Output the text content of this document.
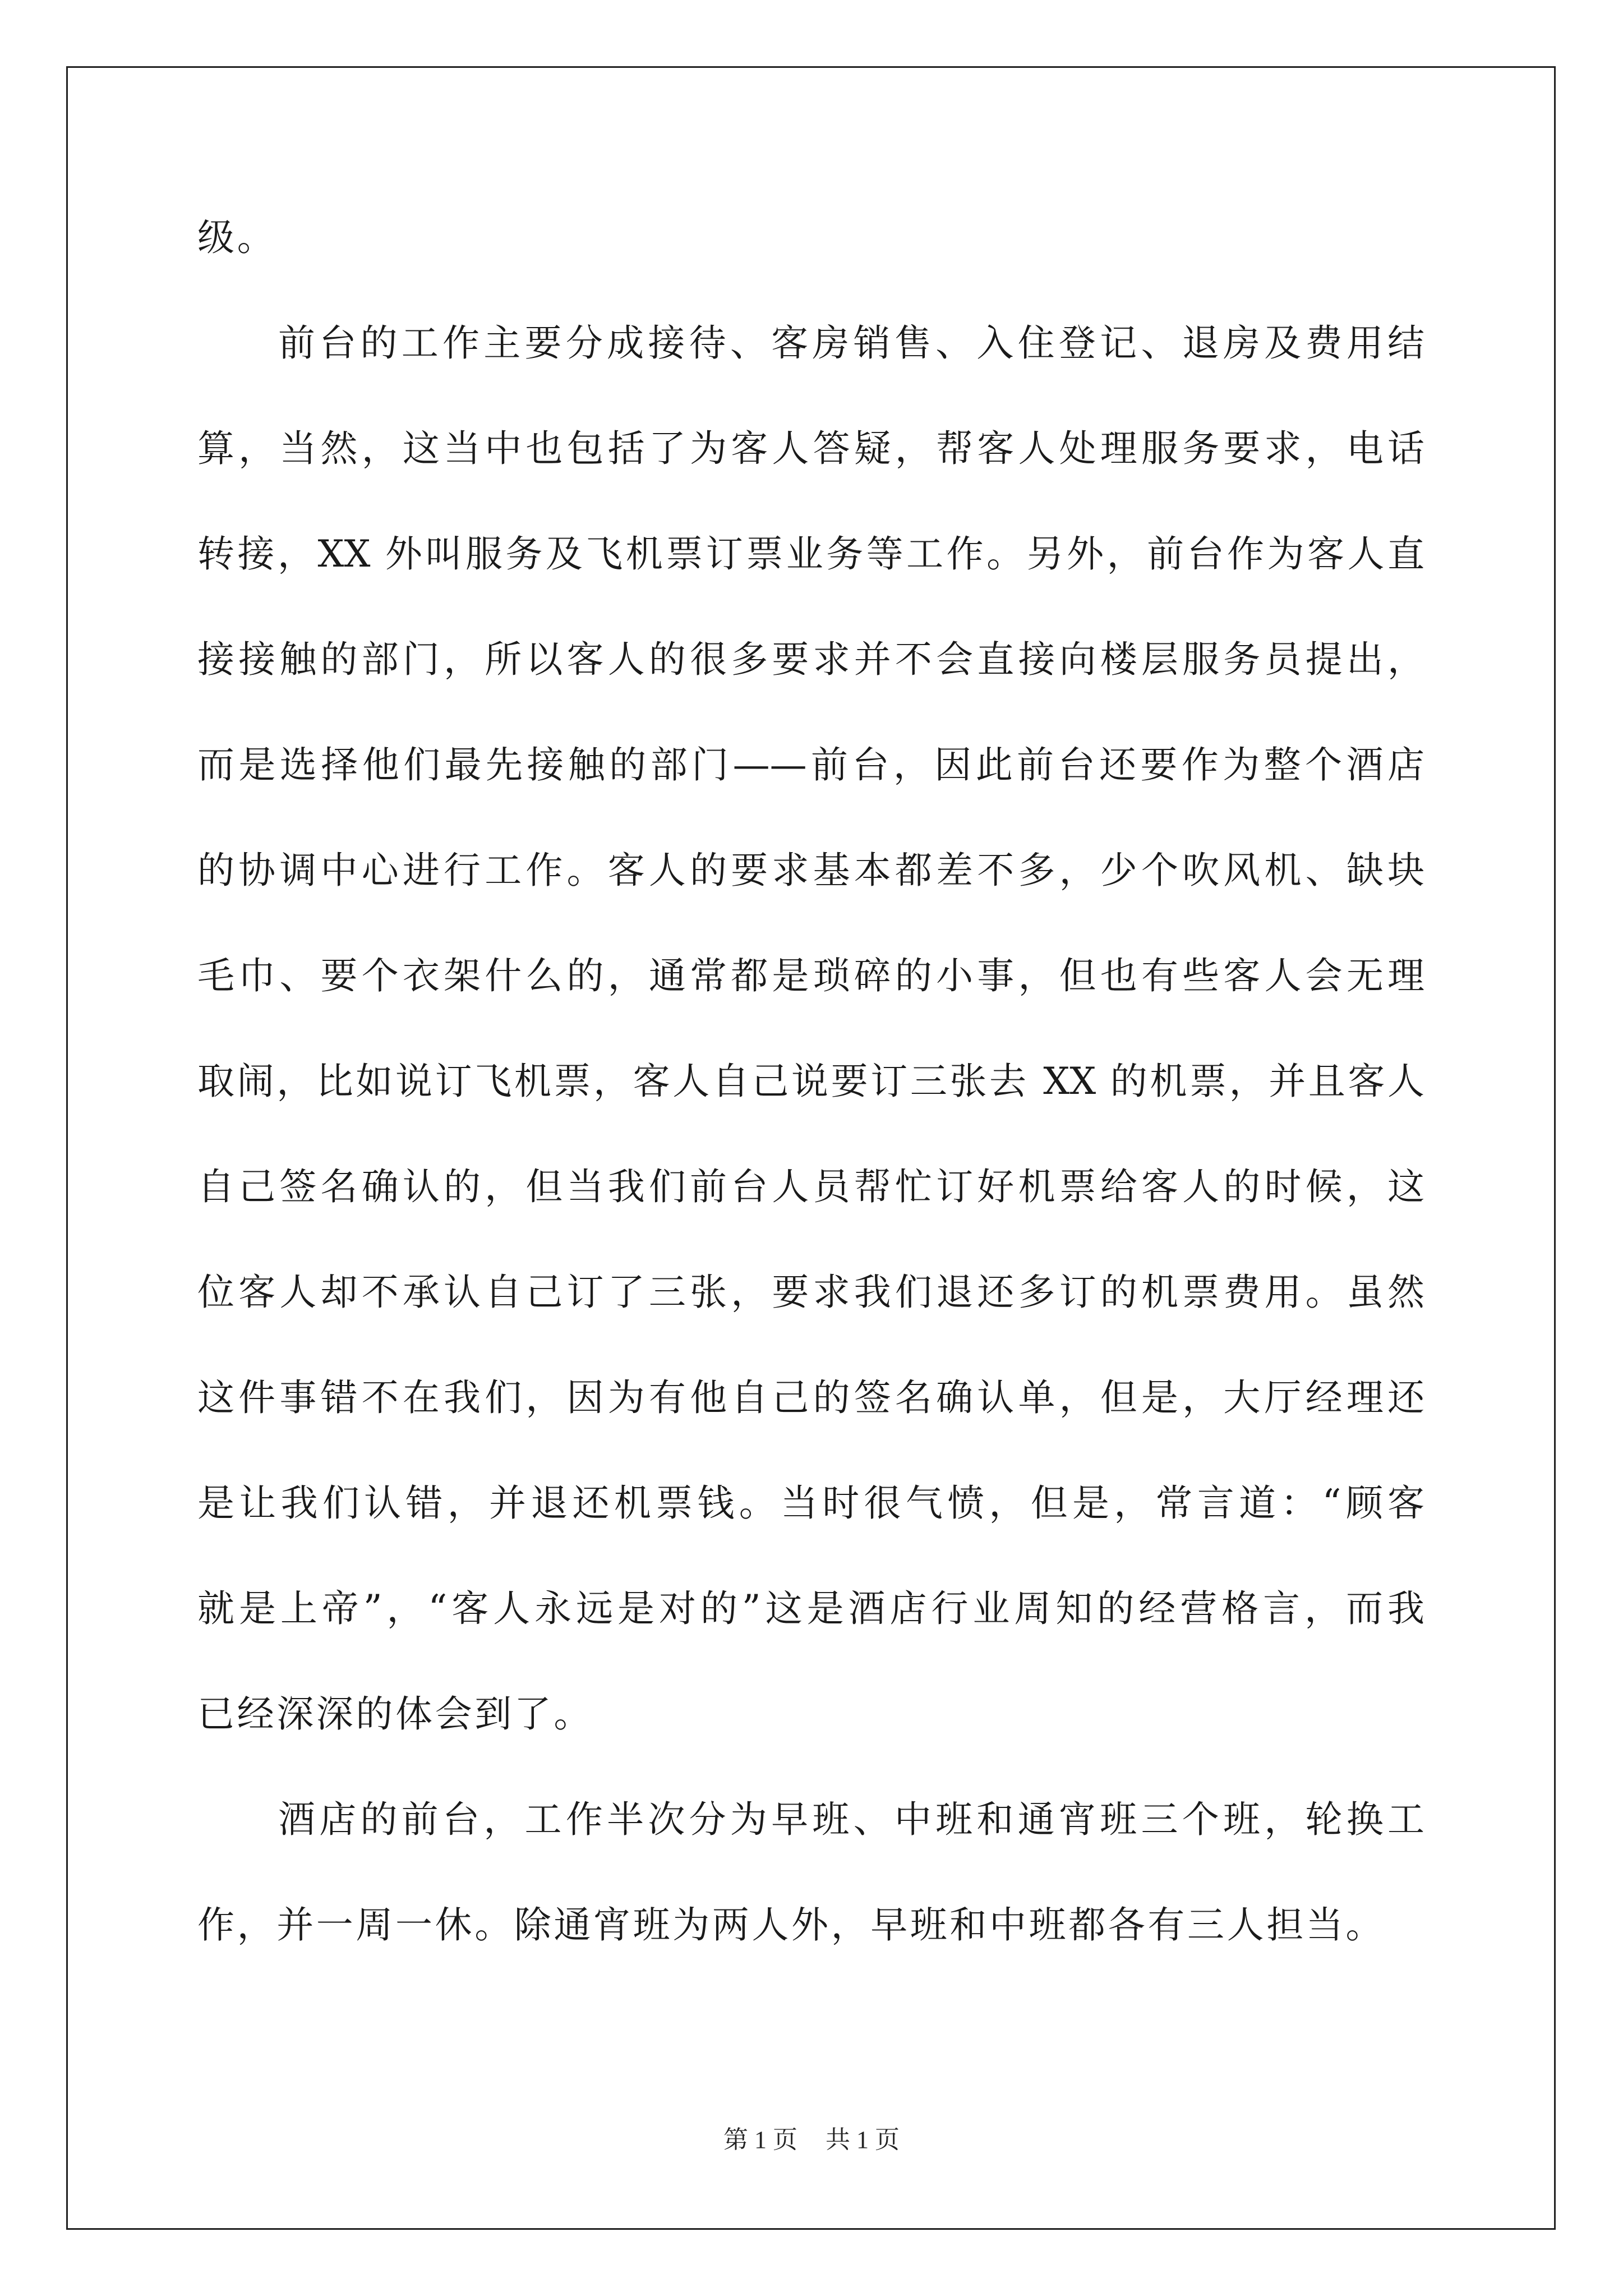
级。
前台的工作主要分成接待、客房销售、入住登记、退房及费用结
算，当然，这当中也包括了为客人答疑，帮客人处理服务要求，电话
转接，XX 外叫服务及飞机票订票业务等工作。另外，前台作为客人直
接接触的部门，所以客人的很多要求并不会直接向楼层服务员提出，
而是选择他们最先接触的部门——前台，因此前台还要作为整个酒店
的协调中心进行工作。客人的要求基本都差不多，少个吹风机、缺块
毛巾、要个衣架什么的，通常都是琐碎的小事，但也有些客人会无理
取闹，比如说订飞机票，客人自己说要订三张去 XX 的机票，并且客人
自己签名确认的，但当我们前台人员帮忙订好机票给客人的时候，这
位客人却不承认自己订了三张，要求我们退还多订的机票费用。虽然
这件事错不在我们，因为有他自己的签名确认单，但是，大厅经理还
是让我们认错，并退还机票钱。当时很气愤，但是，常言道：“顾客
就是上帝”，“客人永远是对的”这是酒店行业周知的经营格言，而我
已经深深的体会到了。
酒店的前台，工作半次分为早班、中班和通宵班三个班，轮换工
作，并一周一休。除通宵班为两人外，早班和中班都各有三人担当。
第 1 页 共 1 页
